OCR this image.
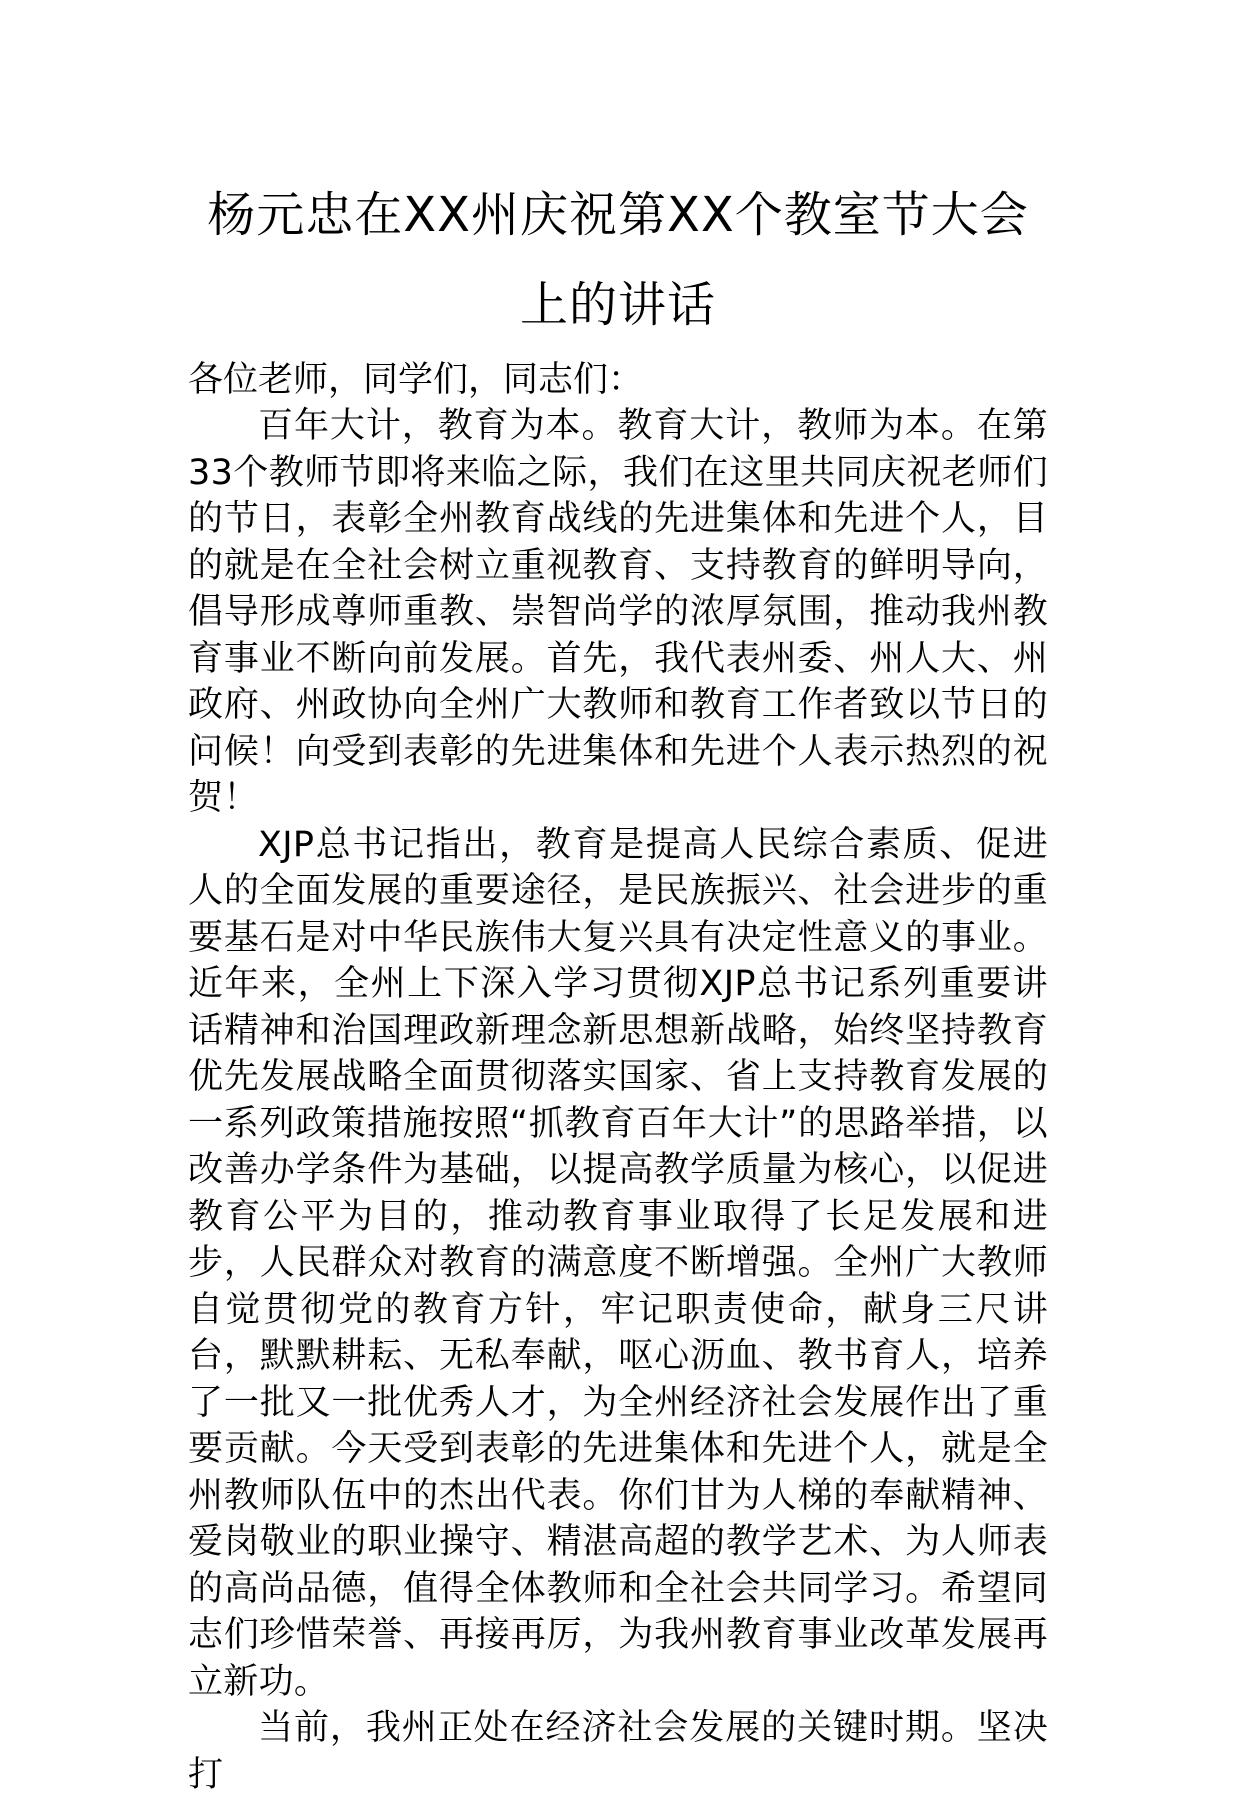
杨元忠在XX州庆祝第XX个教室节大会上的讲话

各位老师，同学们，同志们：

百年大计，教育为本。教育大计，教师为本。在第33个教师节即将来临之际，我们在这里共同庆祝老师们的节日，表彰全州教育战线的先进集体和先进个人，目的就是在全社会树立重视教育、支持教育的鲜明导向，倡导形成尊师重教、崇智尚学的浓厚氛围，推动我州教育事业不断向前发展。首先，我代表州委、州人大、州政府、州政协向全州广大教师和教育工作者致以节日的问候！向受到表彰的先进集体和先进个人表示热烈的祝贺！

XJP总书记指出，教育是提高人民综合素质、促进人的全面发展的重要途径，是民族振兴、社会进步的重要基石是对中华民族伟大复兴具有决定性意义的事业。近年来，全州上下深入学习贯彻XJP总书记系列重要讲话精神和治国理政新理念新思想新战略，始终坚持教育优先发展战略全面贯彻落实国家、省上支持教育发展的一系列政策措施按照“抓教育百年大计”的思路举措，以改善办学条件为基础，以提高教学质量为核心，以促进教育公平为目的，推动教育事业取得了长足发展和进步，人民群众对教育的满意度不断增强。全州广大教师自觉贯彻党的教育方针，牢记职责使命，献身三尺讲台，默默耕耘、无私奉献，呕心沥血、教书育人，培养了一批又一批优秀人才，为全州经济社会发展作出了重要贡献。今天受到表彰的先进集体和先进个人，就是全州教师队伍中的杰出代表。你们甘为人梯的奉献精神、爱岗敬业的职业操守、精湛高超的教学艺术、为人师表的高尚品德，值得全体教师和全社会共同学习。希望同志们珍惜荣誉、再接再厉，为我州教育事业改革发展再立新功。

当前，我州正处在经济社会发展的关键时期。坚决打
